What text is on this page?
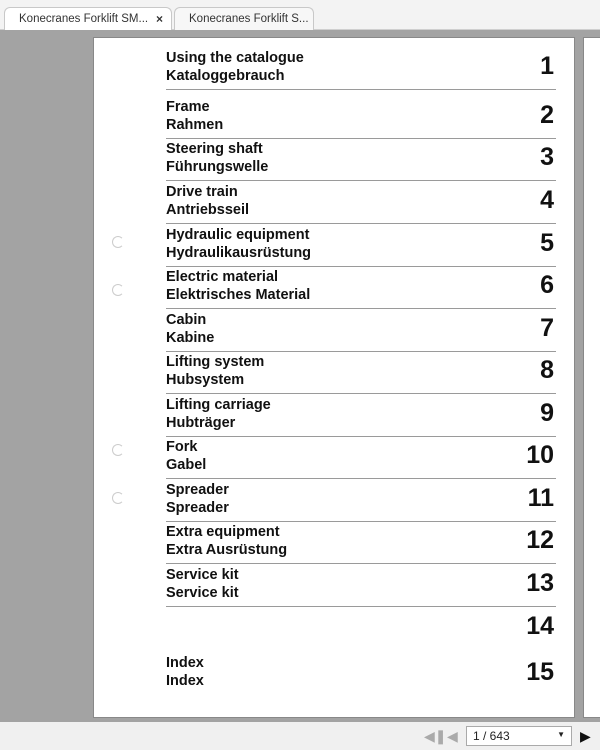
Konecranes Forklift SM... ×	Konecranes Forklift S...
Using the catalogue
Kataloggebrauch	1
Frame
Rahmen	2
Steering shaft
Führungswelle	3
Drive train
Antriebsseil	4
Hydraulic equipment
Hydraulikausrüstung	5
Electric material
Elektrisches Material	6
Cabin
Kabine	7
Lifting system
Hubsystem	8
Lifting carriage
Hubträger	9
Fork
Gabel	10
Spreader
Spreader	11
Extra equipment
Extra Ausrüstung	12
Service kit
Service kit	13
14
Index
Index	15
◀❚ ◀	1 / 643	▼ ▶
